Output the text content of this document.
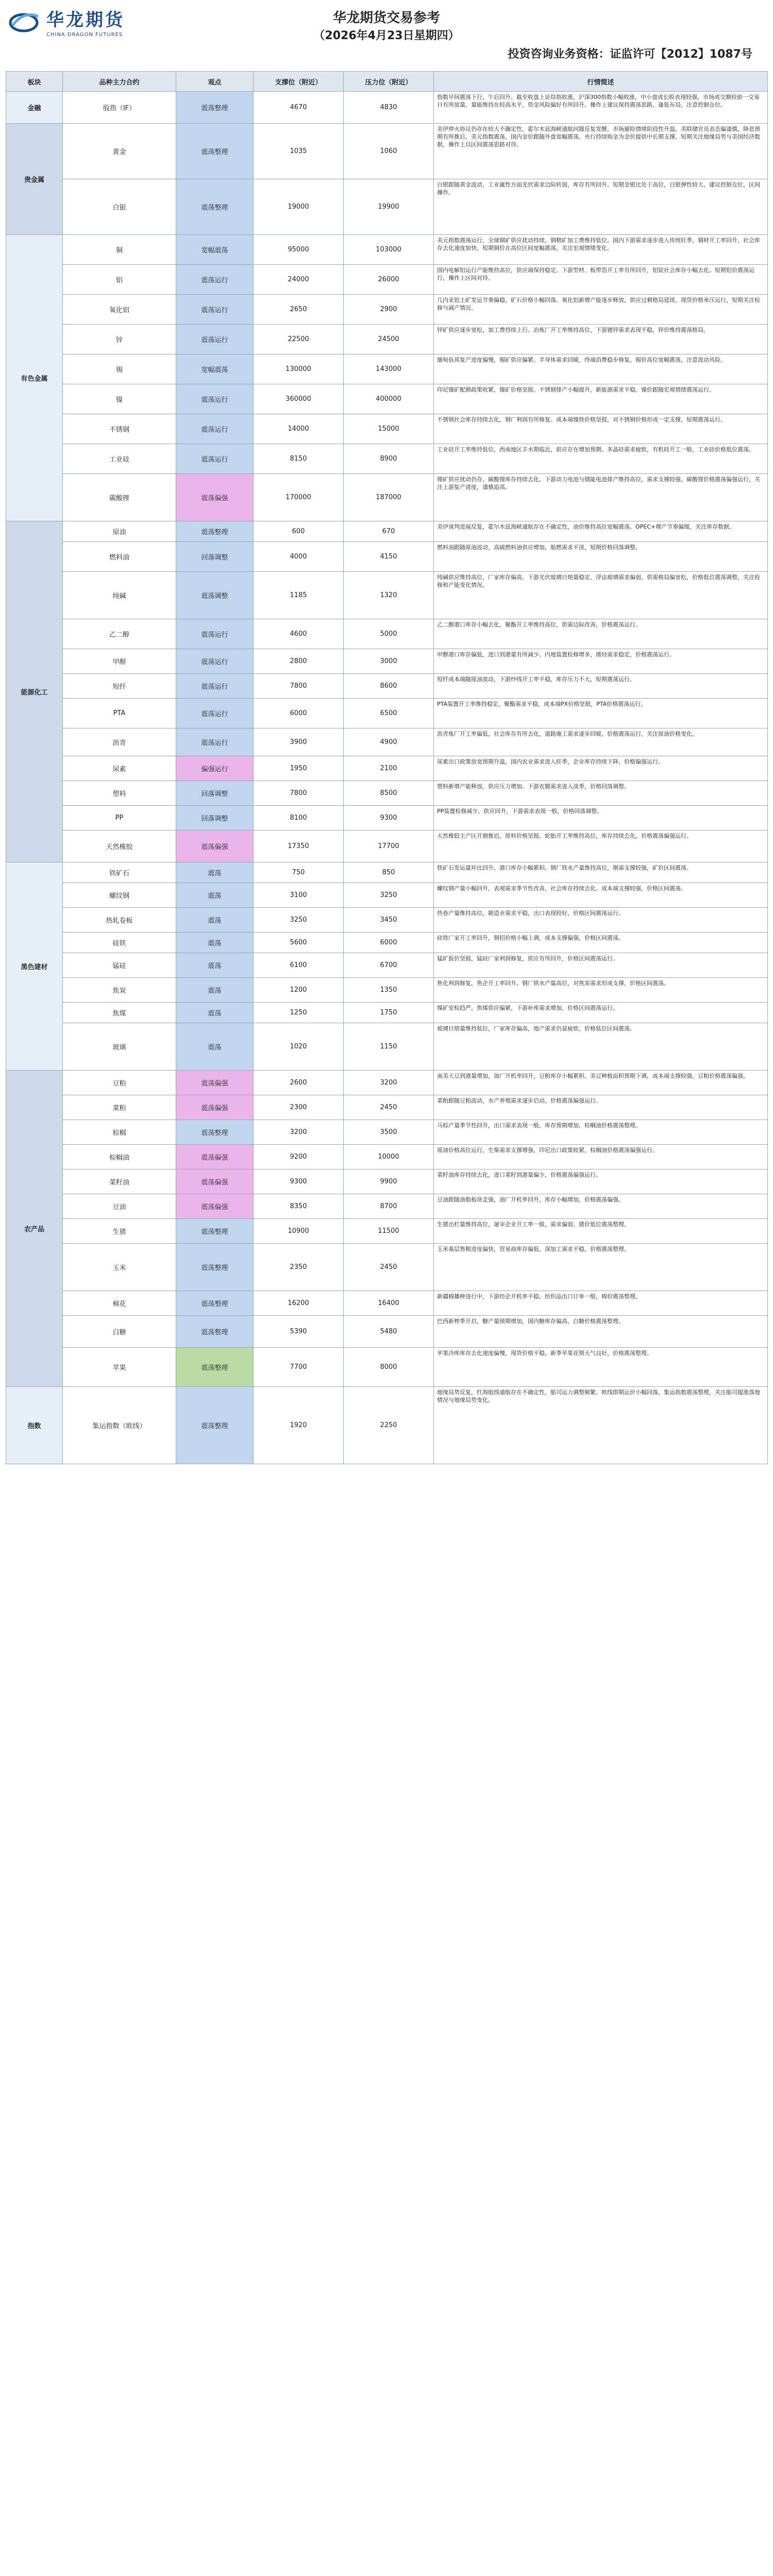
华龙期货
CHINA DRAGON FUTURES
华龙期货交易参考
（2026年4月23日星期四）
投资咨询业务资格：证监许可【2012】1087号
板块	品种主力合约	观点	支撑位（附近）	压力位（附近）	行情简述
金融	股指（IF）	震荡整理	4670	4830	指数早间震荡下行，午后回升。截至收盘上证综指收涨，沪深300指数小幅收涨，中小盘成长股表现较强，市场成交额较前一交易日有所放量，量能维持在较高水平，资金风险偏好有所回升。操作上建议保持震荡思路，逢低布局，注意控制仓位。
贵金属	黄金	震荡整理	1035	1060	美伊停火协议仍存在较大不确定性，霍尔木兹海峡通航问题反复发酵，市场避险情绪阶段性升温。美联储官员表态偏谨慎，降息预期有所推后，美元指数震荡，国内金价跟随外盘宽幅震荡。央行持续购金为金价提供中长期支撑，短期关注地缘局势与美国经济数据，操作上以区间震荡思路对待。
	白银	震荡整理	19000	19900	白银跟随黄金波动，工业属性方面光伏需求边际转弱，库存有所回升。短期金银比处于高位，白银弹性较大，建议控制仓位，区间操作。
有色金属	铜	宽幅震荡	95000	103000	美元指数震荡运行，全球铜矿供应扰动持续，铜精矿加工费维持低位。国内下游需求逐步进入传统旺季，铜材开工率回升，社会库存去化速度加快。短期铜价在高位区间宽幅震荡，关注宏观情绪变化。
	铝	震荡运行	24000	26000	国内电解铝运行产能维持高位，供应端保持稳定。下游型材、板带箔开工率有所回升，铝锭社会库存小幅去化。短期铝价震荡运行，操作上区间对待。
	氧化铝	震荡运行	2650	2900	几内亚铝土矿发运节奏偏稳，矿石价格小幅回落。氧化铝新增产能逐步释放，供应过剩格局延续，现货价格承压运行，短期关注检修与减产情况。
	锌	震荡运行	22500	24500	锌矿供应逐步宽松，加工费持续上行。冶炼厂开工率维持高位，下游镀锌需求表现平稳，锌价维持震荡格局。
	锡	宽幅震荡	130000	143000	缅甸佤邦复产进度偏慢，锡矿供应偏紧。半导体需求回暖，终端消费稳步修复，锡价高位宽幅震荡，注意波动风险。
	镍	震荡运行	360000	400000	印尼镍矿配额政策收紧，镍矿价格坚挺。不锈钢排产小幅提升，新能源需求平稳，镍价跟随宏观情绪震荡运行。
	不锈钢	震荡运行	14000	15000	不锈钢社会库存持续去化，钢厂利润有所修复。成本端镍铁价格坚挺，对不锈钢价格形成一定支撑，短期震荡运行。
	工业硅	震荡运行	8150	8900	工业硅开工率维持低位，西南地区丰水期临近，供应存在增加预期。多晶硅需求疲软，有机硅开工一般，工业硅价格低位震荡。
	碳酸锂	震荡偏强	170000	187000	锂矿供应扰动仍存，碳酸锂库存持续去化。下游动力电池与储能电池排产维持高位，需求支撑较强，碳酸锂价格震荡偏强运行，关注上游复产进度，谨慎追高。
能源化工	原油	震荡整理	600	670	美伊谈判进展反复，霍尔木兹海峡通航存在不确定性，油价维持高位宽幅震荡。OPEC+增产节奏偏缓，关注库存数据。
	燃料油	回落调整	4000	4150	燃料油跟随原油波动，高硫燃料油供应增加，船燃需求平淡，短期价格回落调整。
	纯碱	震荡调整	1185	1320	纯碱供应维持高位，厂家库存偏高，下游光伏玻璃日熔量稳定，浮法玻璃需求偏弱。供需格局偏宽松，价格低位震荡调整，关注检修和产能变化情况。
	乙二醇	震荡运行	4600	5000	乙二醇港口库存小幅去化，聚酯开工率维持高位，供需边际改善，价格震荡运行。
	甲醇	震荡运行	2800	3000	甲醇港口库存偏低，进口到港量有所减少。内地装置检修增多，烯烃需求稳定，价格震荡运行。
	短纤	震荡运行	7800	8600	短纤成本端随原油波动，下游纱线开工率平稳，库存压力不大，短期震荡运行。
	PTA	震荡运行	6000	6500	PTA装置开工率维持稳定，聚酯需求平稳，成本端PX价格坚挺，PTA价格震荡运行。
	沥青	震荡运行	3900	4900	沥青炼厂开工率偏低，社会库存有所去化，道路施工需求逐步回暖，价格震荡运行，关注原油价格变化。
	尿素	偏强运行	1950	2100	尿素出口政策放宽预期升温，国内农业需求进入旺季，企业库存持续下降，价格偏强运行。
	塑料	回落调整	7800	8500	塑料新增产能释放，供应压力增加。下游农膜需求进入淡季，价格回落调整。
	PP	回落调整	8100	9300	PP装置检修减少，供应回升，下游需求表现一般，价格回落调整。
	天然橡胶	震荡偏强	17350	17700	天然橡胶主产区开割推迟，原料价格坚挺。轮胎开工率维持高位，库存持续去化，价格震荡偏强运行。
黑色建材	铁矿石	震荡	750	850	铁矿石发运量环比回升，港口库存小幅累积。钢厂铁水产量维持高位，刚需支撑较强，矿价区间震荡。
	螺纹钢	震荡	3100	3250	螺纹钢产量小幅回升，表观需求季节性改善，社会库存持续去化。成本端支撑较强，价格区间震荡。
	热轧卷板	震荡	3250	3450	热卷产量维持高位，制造业需求平稳，出口表现较好，价格区间震荡运行。
	硅铁	震荡	5600	6000	硅铁厂家开工率回升，钢招价格小幅上调，成本支撑偏强，价格区间震荡。
	锰硅	震荡	6100	6700	锰矿报价坚挺，锰硅厂家利润修复，供应有所回升，价格区间震荡运行。
	焦炭	震荡	1200	1350	焦化利润修复，焦企开工率回升。钢厂铁水产量高位，对焦炭需求形成支撑，价格区间震荡。
	焦煤	震荡	1250	1750	煤矿安检趋严，焦煤供应偏紧，下游补库需求增加，价格区间震荡运行。
	玻璃	震荡	1020	1150	玻璃日熔量维持低位，厂家库存偏高，地产需求仍显疲软，价格低位区间震荡。
农产品	豆粕	震荡偏强	2600	3200	南美大豆到港量增加，油厂开机率回升，豆粕库存小幅累积。美豆种植面积预期下调，成本端支撑较强，豆粕价格震荡偏强。
	菜粕	震荡偏强	2300	2450	菜粕跟随豆粕波动，水产养殖需求逐步启动，价格震荡偏强运行。
	棕榈	震荡整理	3200	3500	马棕产量季节性回升，出口需求表现一般，库存预期增加，棕榈油价格震荡整理。
	棕榈油	震荡偏强	9200	10000	原油价格高位运行，生柴需求支撑增强，印尼出口政策收紧，棕榈油价格震荡偏强运行。
	菜籽油	震荡偏强	9300	9900	菜籽油库存持续去化，进口菜籽到港量偏少，价格震荡偏强运行。
	豆油	震荡偏强	8350	8700	豆油跟随油脂板块走强，油厂开机率回升，库存小幅增加，价格震荡偏强。
	生猪	震荡整理	10900	11500	生猪出栏量维持高位，屠宰企业开工率一般，需求偏弱，猪价低位震荡整理。
	玉米	震荡整理	2350	2450	玉米基层售粮进度偏快，贸易商库存偏低，深加工需求平稳，价格震荡整理。
	棉花	震荡整理	16200	16400	新疆棉播种进行中，下游纺企开机率平稳，纺织品出口订单一般，棉价震荡整理。
	白糖	震荡整理	5390	5480	巴西新榨季开启，糖产量预期增加，国内糖库存偏高，白糖价格震荡整理。
	苹果	震荡整理	7700	8000	苹果冷库库存去化速度偏慢，现货价格平稳，新季苹果花期天气良好，价格震荡整理。
指数	集运指数（欧线）	震荡整理	1920	2250	地缘局势反复，红海航线通航存在不确定性，船司运力调整频繁。欧线即期运价小幅回落，集运指数震荡整理，关注船司提涨落地情况与地缘局势变化。
